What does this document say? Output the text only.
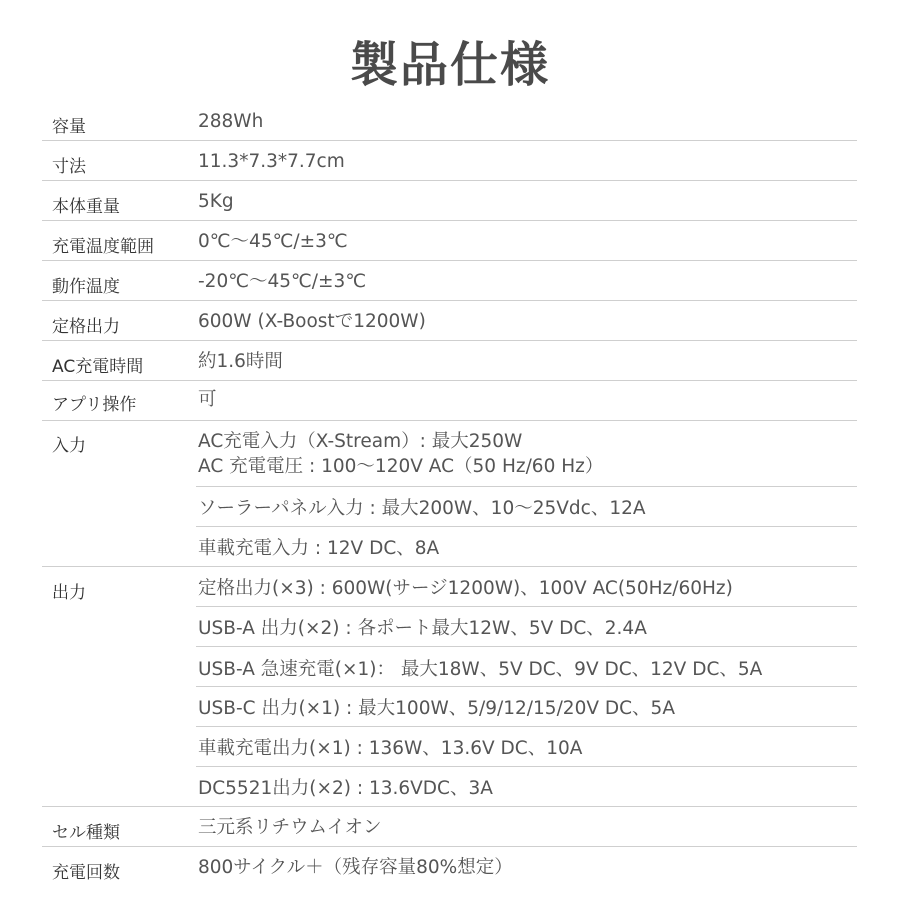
製品仕様
容量	288Wh
寸法	11.3*7.3*7.7cm
本体重量	5Kg
充電温度範囲 0℃〜45℃/±3℃
動作温度	-20℃〜45℃/±3℃
定格出力	600W (X-Boostで1200W)
AC充電時間	約1.6時間
アプリ操作	可
入力	AC充電入力（X-Stream）: 最大250W
AC 充電電圧 : 100〜120V AC（50 Hz/60 Hz）
ソーラーパネル入力 : 最大200W、10〜25Vdc、12A
車載充電入力 : 12V DC、8A
出力	定格出力(×3) : 600W(サージ1200W)、100V AC(50Hz/60Hz)
USB-A 出力(×2) : 各ポート最大12W、5V DC、2.4A
USB-A 急速充電(×1)： 最大18W、5V DC、9V DC、12V DC、5A
USB-C 出力(×1) : 最大100W、5/9/12/15/20V DC、5A
車載充電出力(×1) : 136W、13.6V DC、10A
DC5521出力(×2) : 13.6VDC、3A
セル種類	三元系リチウムイオン
充電回数	800サイクル＋（残存容量80%想定）
